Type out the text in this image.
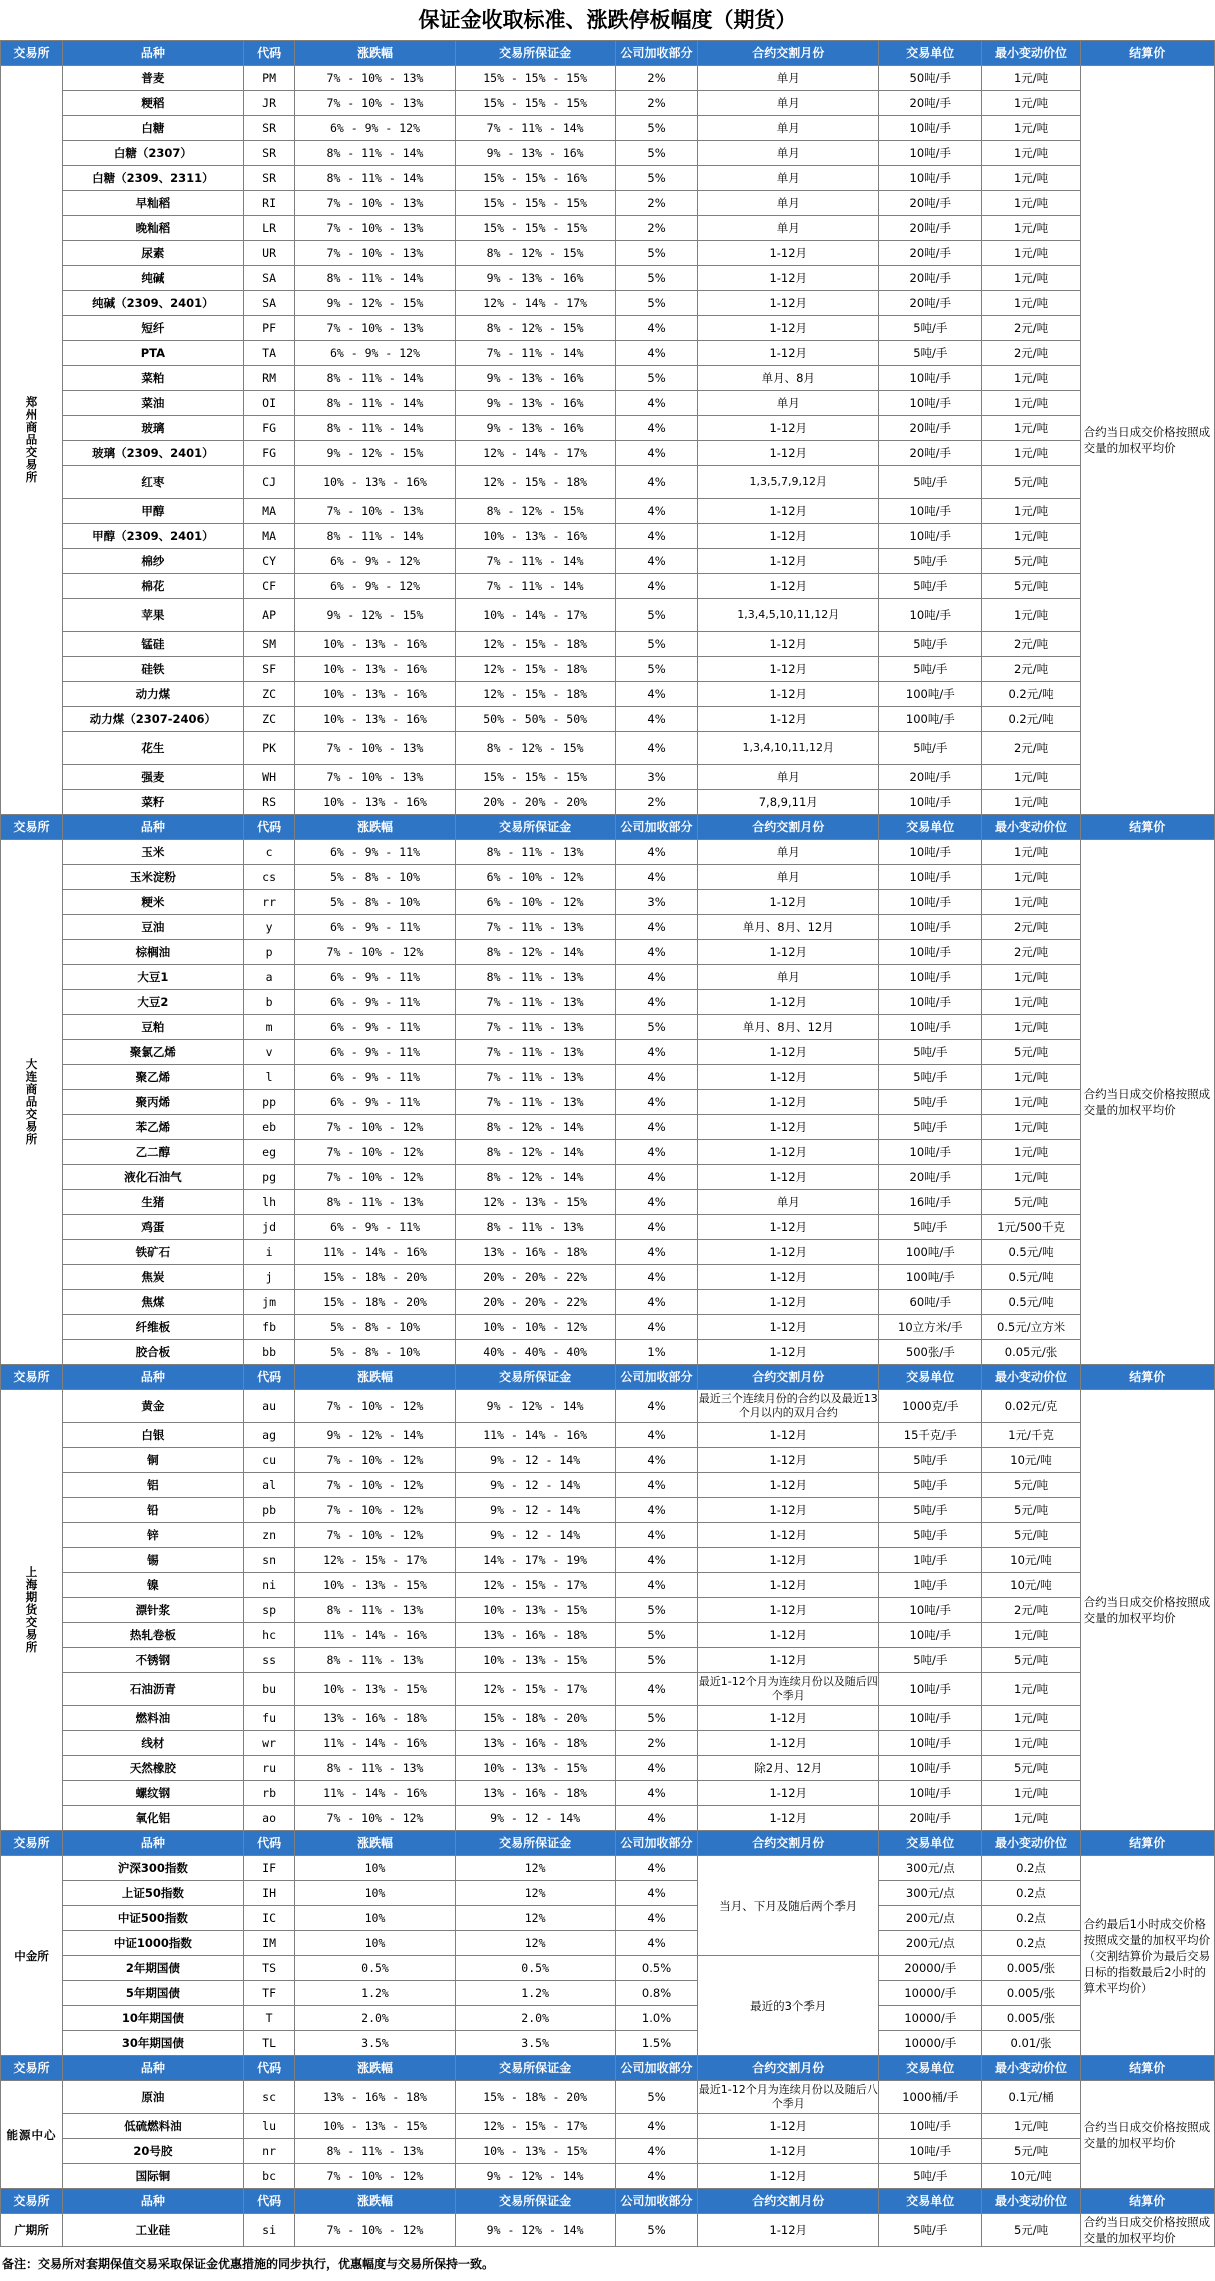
保证金收取标准、涨跌停板幅度（期货）
交易所	品种	代码	涨跌幅	交易所保证金	公司加收部分	合约交割月份	交易单位	最小变动价位	结算价
郑州商品交易所	普麦	PM	7% - 10% - 13%	15% - 15% - 15%	2%	单月	50吨/手	1元/吨	合约当日成交价格按照成交量的加权平均价
	粳稻	JR	7% - 10% - 13%	15% - 15% - 15%	2%	单月	20吨/手	1元/吨	
	白糖	SR	6% - 9% - 12%	7% - 11% - 14%	5%	单月	10吨/手	1元/吨	
	白糖（2307）	SR	8% - 11% - 14%	9% - 13% - 16%	5%	单月	10吨/手	1元/吨	
	白糖（2309、2311）	SR	8% - 11% - 14%	15% - 15% - 16%	5%	单月	10吨/手	1元/吨	
	早籼稻	RI	7% - 10% - 13%	15% - 15% - 15%	2%	单月	20吨/手	1元/吨	
	晚籼稻	LR	7% - 10% - 13%	15% - 15% - 15%	2%	单月	20吨/手	1元/吨	
	尿素	UR	7% - 10% - 13%	8% - 12% - 15%	5%	1-12月	20吨/手	1元/吨	
	纯碱	SA	8% - 11% - 14%	9% - 13% - 16%	5%	1-12月	20吨/手	1元/吨	
	纯碱（2309、2401）	SA	9% - 12% - 15%	12% - 14% - 17%	5%	1-12月	20吨/手	1元/吨	
	短纤	PF	7% - 10% - 13%	8% - 12% - 15%	4%	1-12月	5吨/手	2元/吨	
	PTA	TA	6% - 9% - 12%	7% - 11% - 14%	4%	1-12月	5吨/手	2元/吨	
	菜粕	RM	8% - 11% - 14%	9% - 13% - 16%	5%	单月、8月	10吨/手	1元/吨	
	菜油	OI	8% - 11% - 14%	9% - 13% - 16%	4%	单月	10吨/手	1元/吨	
	玻璃	FG	8% - 11% - 14%	9% - 13% - 16%	4%	1-12月	20吨/手	1元/吨	
	玻璃（2309、2401）	FG	9% - 12% - 15%	12% - 14% - 17%	4%	1-12月	20吨/手	1元/吨	
	红枣	CJ	10% - 13% - 16%	12% - 15% - 18%	4%	1,3,5,7,9,12月	5吨/手	5元/吨	
	甲醇	MA	7% - 10% - 13%	8% - 12% - 15%	4%	1-12月	10吨/手	1元/吨	
	甲醇（2309、2401）	MA	8% - 11% - 14%	10% - 13% - 16%	4%	1-12月	10吨/手	1元/吨	
	棉纱	CY	6% - 9% - 12%	7% - 11% - 14%	4%	1-12月	5吨/手	5元/吨	
	棉花	CF	6% - 9% - 12%	7% - 11% - 14%	4%	1-12月	5吨/手	5元/吨	
	苹果	AP	9% - 12% - 15%	10% - 14% - 17%	5%	1,3,4,5,10,11,12月	10吨/手	1元/吨	
	锰硅	SM	10% - 13% - 16%	12% - 15% - 18%	5%	1-12月	5吨/手	2元/吨	
	硅铁	SF	10% - 13% - 16%	12% - 15% - 18%	5%	1-12月	5吨/手	2元/吨	
	动力煤	ZC	10% - 13% - 16%	12% - 15% - 18%	4%	1-12月	100吨/手	0.2元/吨	
	动力煤（2307-2406）	ZC	10% - 13% - 16%	50% - 50% - 50%	4%	1-12月	100吨/手	0.2元/吨	
	花生	PK	7% - 10% - 13%	8% - 12% - 15%	4%	1,3,4,10,11,12月	5吨/手	2元/吨	
	强麦	WH	7% - 10% - 13%	15% - 15% - 15%	3%	单月	20吨/手	1元/吨	
	菜籽	RS	10% - 13% - 16%	20% - 20% - 20%	2%	7,8,9,11月	10吨/手	1元/吨	
交易所	品种	代码	涨跌幅	交易所保证金	公司加收部分	合约交割月份	交易单位	最小变动价位	结算价
大连商品交易所	玉米	c	6% - 9% - 11%	8% - 11% - 13%	4%	单月	10吨/手	1元/吨	合约当日成交价格按照成交量的加权平均价
	玉米淀粉	cs	5% - 8% - 10%	6% - 10% - 12%	4%	单月	10吨/手	1元/吨	
	粳米	rr	5% - 8% - 10%	6% - 10% - 12%	3%	1-12月	10吨/手	1元/吨	
	豆油	y	6% - 9% - 11%	7% - 11% - 13%	4%	单月、8月、12月	10吨/手	2元/吨	
	棕榈油	p	7% - 10% - 12%	8% - 12% - 14%	4%	1-12月	10吨/手	2元/吨	
	大豆1	a	6% - 9% - 11%	8% - 11% - 13%	4%	单月	10吨/手	1元/吨	
	大豆2	b	6% - 9% - 11%	7% - 11% - 13%	4%	1-12月	10吨/手	1元/吨	
	豆粕	m	6% - 9% - 11%	7% - 11% - 13%	5%	单月、8月、12月	10吨/手	1元/吨	
	聚氯乙烯	v	6% - 9% - 11%	7% - 11% - 13%	4%	1-12月	5吨/手	5元/吨	
	聚乙烯	l	6% - 9% - 11%	7% - 11% - 13%	4%	1-12月	5吨/手	1元/吨	
	聚丙烯	pp	6% - 9% - 11%	7% - 11% - 13%	4%	1-12月	5吨/手	1元/吨	
	苯乙烯	eb	7% - 10% - 12%	8% - 12% - 14%	4%	1-12月	5吨/手	1元/吨	
	乙二醇	eg	7% - 10% - 12%	8% - 12% - 14%	4%	1-12月	10吨/手	1元/吨	
	液化石油气	pg	7% - 10% - 12%	8% - 12% - 14%	4%	1-12月	20吨/手	1元/吨	
	生猪	lh	8% - 11% - 13%	12% - 13% - 15%	4%	单月	16吨/手	5元/吨	
	鸡蛋	jd	6% - 9% - 11%	8% - 11% - 13%	4%	1-12月	5吨/手	1元/500千克	
	铁矿石	i	11% - 14% - 16%	13% - 16% - 18%	4%	1-12月	100吨/手	0.5元/吨	
	焦炭	j	15% - 18% - 20%	20% - 20% - 22%	4%	1-12月	100吨/手	0.5元/吨	
	焦煤	jm	15% - 18% - 20%	20% - 20% - 22%	4%	1-12月	60吨/手	0.5元/吨	
	纤维板	fb	5% - 8% - 10%	10% - 10% - 12%	4%	1-12月	10立方米/手	0.5元/立方米	
	胶合板	bb	5% - 8% - 10%	40% - 40% - 40%	1%	1-12月	500张/手	0.05元/张	
交易所	品种	代码	涨跌幅	交易所保证金	公司加收部分	合约交割月份	交易单位	最小变动价位	结算价
上海期货交易所	黄金	au	7% - 10% - 12%	9% - 12% - 14%	4%	最近三个连续月份的合约以及最近13个月以内的双月合约	1000克/手	0.02元/克	合约当日成交价格按照成交量的加权平均价
	白银	ag	9% - 12% - 14%	11% - 14% - 16%	4%	1-12月	15千克/手	1元/千克	
	铜	cu	7% - 10% - 12%	9% - 12 - 14%	4%	1-12月	5吨/手	10元/吨	
	铝	al	7% - 10% - 12%	9% - 12 - 14%	4%	1-12月	5吨/手	5元/吨	
	铅	pb	7% - 10% - 12%	9% - 12 - 14%	4%	1-12月	5吨/手	5元/吨	
	锌	zn	7% - 10% - 12%	9% - 12 - 14%	4%	1-12月	5吨/手	5元/吨	
	锡	sn	12% - 15% - 17%	14% - 17% - 19%	4%	1-12月	1吨/手	10元/吨	
	镍	ni	10% - 13% - 15%	12% - 15% - 17%	4%	1-12月	1吨/手	10元/吨	
	漂针浆	sp	8% - 11% - 13%	10% - 13% - 15%	5%	1-12月	10吨/手	2元/吨	
	热轧卷板	hc	11% - 14% - 16%	13% - 16% - 18%	5%	1-12月	10吨/手	1元/吨	
	不锈钢	ss	8% - 11% - 13%	10% - 13% - 15%	5%	1-12月	5吨/手	5元/吨	
	石油沥青	bu	10% - 13% - 15%	12% - 15% - 17%	4%	最近1-12个月为连续月份以及随后四个季月	10吨/手	1元/吨	
	燃料油	fu	13% - 16% - 18%	15% - 18% - 20%	5%	1-12月	10吨/手	1元/吨	
	线材	wr	11% - 14% - 16%	13% - 16% - 18%	2%	1-12月	10吨/手	1元/吨	
	天然橡胶	ru	8% - 11% - 13%	10% - 13% - 15%	4%	除2月、12月	10吨/手	5元/吨	
	螺纹钢	rb	11% - 14% - 16%	13% - 16% - 18%	4%	1-12月	10吨/手	1元/吨	
	氧化铝	ao	7% - 10% - 12%	9% - 12 - 14%	4%	1-12月	20吨/手	1元/吨	
交易所	品种	代码	涨跌幅	交易所保证金	公司加收部分	合约交割月份	交易单位	最小变动价位	结算价
中金所	沪深300指数	IF	10%	12%	4%	当月、下月及随后两个季月	300元/点	0.2点	合约最后1小时成交价格按照成交量的加权平均价（交割结算价为最后交易日标的指数最后2小时的算术平均价）
	上证50指数	IH	10%	12%	4%		300元/点	0.2点	
	中证500指数	IC	10%	12%	4%		200元/点	0.2点	
	中证1000指数	IM	10%	12%	4%		200元/点	0.2点	
	2年期国债	TS	0.5%	0.5%	0.5%	最近的3个季月	20000/手	0.005/张	
	5年期国债	TF	1.2%	1.2%	0.8%		10000/手	0.005/张	
	10年期国债	T	2.0%	2.0%	1.0%		10000/手	0.005/张	
	30年期国债	TL	3.5%	3.5%	1.5%		10000/手	0.01/张	
交易所	品种	代码	涨跌幅	交易所保证金	公司加收部分	合约交割月份	交易单位	最小变动价位	结算价
能源中心	原油	sc	13% - 16% - 18%	15% - 18% - 20%	5%	最近1-12个月为连续月份以及随后八个季月	1000桶/手	0.1元/桶	合约当日成交价格按照成交量的加权平均价
	低硫燃料油	lu	10% - 13% - 15%	12% - 15% - 17%	4%	1-12月	10吨/手	1元/吨	
	20号胶	nr	8% - 11% - 13%	10% - 13% - 15%	4%	1-12月	10吨/手	5元/吨	
	国际铜	bc	7% - 10% - 12%	9% - 12% - 14%	4%	1-12月	5吨/手	10元/吨	
交易所	品种	代码	涨跌幅	交易所保证金	公司加收部分	合约交割月份	交易单位	最小变动价位	结算价
广期所	工业硅	si	7% - 10% - 12%	9% - 12% - 14%	5%	1-12月	5吨/手	5元/吨	合约当日成交价格按照成交量的加权平均价
备注：交易所对套期保值交易采取保证金优惠措施的同步执行，优惠幅度与交易所保持一致。
